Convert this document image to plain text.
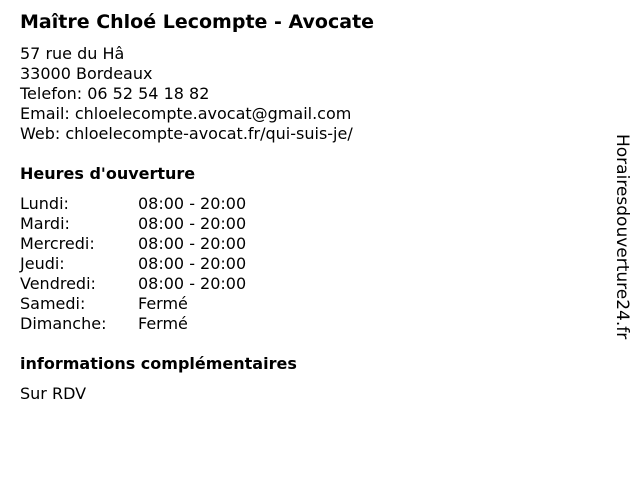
Maître Chloé Lecompte - Avocate
57 rue du Hâ
33000 Bordeaux
Telefon: 06 52 54 18 82
Email: chloelecompte.avocat@gmail.com
Web: chloelecompte-avocat.fr/qui-suis-je/
Heures d'ouverture
Lundi:	08:00 - 20:00
Mardi:	08:00 - 20:00
Mercredi:	08:00 - 20:00
Jeudi:	08:00 - 20:00
Vendredi:	08:00 - 20:00
Samedi:	Fermé
Dimanche: Fermé
informations complémentaires
Sur RDV
Horairesdouverture24.fr
